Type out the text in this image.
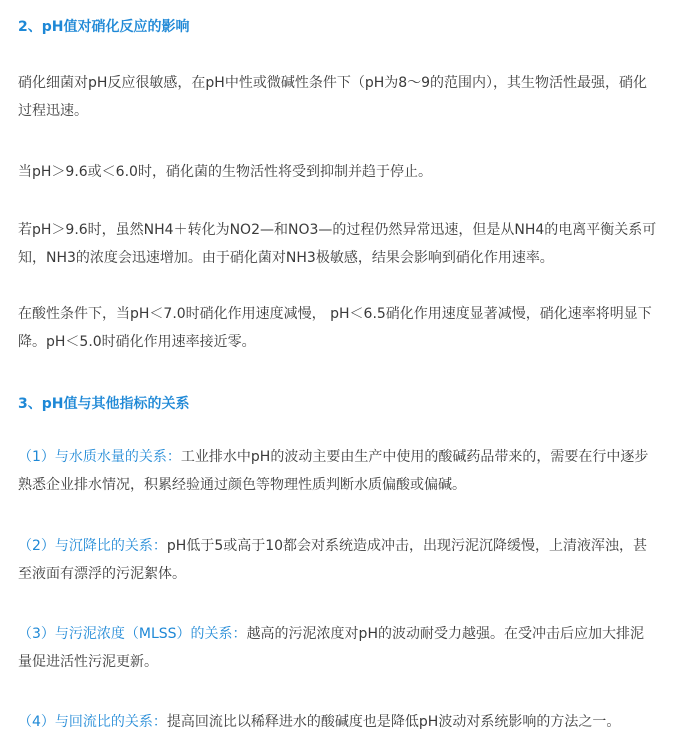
2、pH值对硝化反应的影响
硝化细菌对pH反应很敏感，在pH中性或微碱性条件下（pH为8～9的范围内），其生物活性最强，硝化
过程迅速。
当pH＞9.6或＜6.0时，硝化菌的生物活性将受到抑制并趋于停止。
若pH＞9.6时，虽然NH4＋转化为NO2—和NO3—的过程仍然异常迅速，但是从NH4的电离平衡关系可
知，NH3的浓度会迅速增加。由于硝化菌对NH3极敏感，结果会影响到硝化作用速率。
在酸性条件下，当pH＜7.0时硝化作用速度减慢， pH＜6.5硝化作用速度显著减慢，硝化速率将明显下
降。pH＜5.0时硝化作用速率接近零。
3、pH值与其他指标的关系
（1）与水质水量的关系：工业排水中pH的波动主要由生产中使用的酸碱药品带来的，需要在行中逐步
熟悉企业排水情况，积累经验通过颜色等物理性质判断水质偏酸或偏碱。
（2）与沉降比的关系：pH低于5或高于10都会对系统造成冲击，出现污泥沉降缓慢，上清液浑浊，甚
至液面有漂浮的污泥絮体。
（3）与污泥浓度（MLSS）的关系：越高的污泥浓度对pH的波动耐受力越强。在受冲击后应加大排泥
量促进活性污泥更新。
（4）与回流比的关系：提高回流比以稀释进水的酸碱度也是降低pH波动对系统影响的方法之一。
